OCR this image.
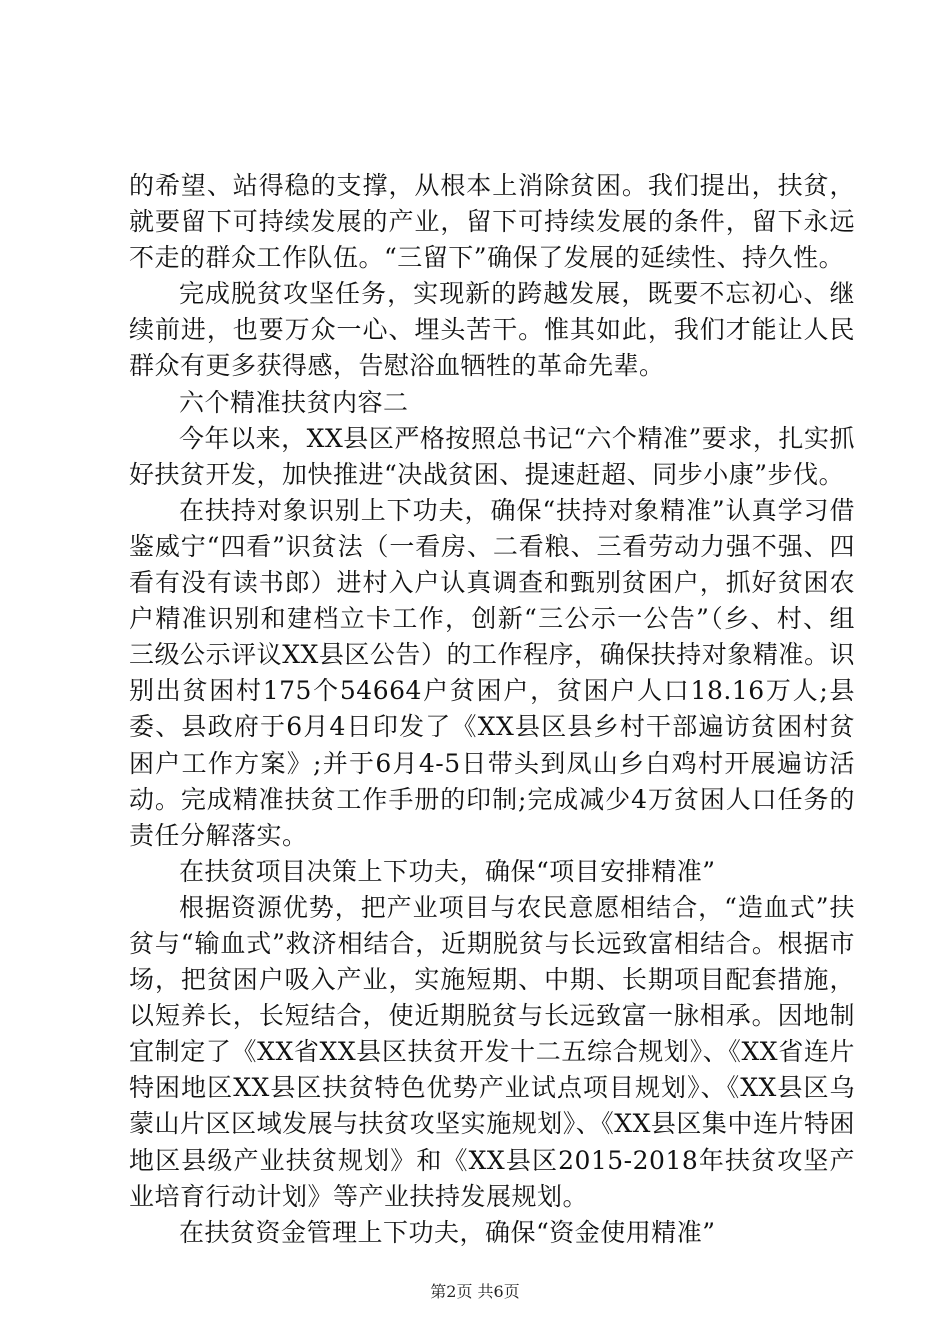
的希望、站得稳的支撑，从根本上消除贫困。我们提出，扶贫，就要留下可持续发展的产业，留下可持续发展的条件，留下永远不走的群众工作队伍。“三留下”确保了发展的延续性、持久性。

完成脱贫攻坚任务，实现新的跨越发展，既要不忘初心、继续前进，也要万众一心、埋头苦干。惟其如此，我们才能让人民群众有更多获得感，告慰浴血牺牲的革命先辈。

六个精准扶贫内容二

今年以来，XX县区严格按照总书记“六个精准”要求，扎实抓好扶贫开发，加快推进“决战贫困、提速赶超、同步小康”步伐。

在扶持对象识别上下功夫，确保“扶持对象精准”认真学习借鉴威宁“四看”识贫法（一看房、二看粮、三看劳动力强不强、四看有没有读书郎）进村入户认真调查和甄别贫困户，抓好贫困农户精准识别和建档立卡工作，创新“三公示一公告”（乡、村、组三级公示评议XX县区公告）的工作程序，确保扶持对象精准。识别出贫困村175个54664户贫困户，贫困户人口18.16万人;县委、县政府于6月4日印发了《XX县区县乡村干部遍访贫困村贫困户工作方案》;并于6月4-5日带头到凤山乡白鸡村开展遍访活动。完成精准扶贫工作手册的印制;完成减少4万贫困人口任务的责任分解落实。

在扶贫项目决策上下功夫，确保“项目安排精准”

根据资源优势，把产业项目与农民意愿相结合，“造血式”扶贫与“输血式”救济相结合，近期脱贫与长远致富相结合。根据市场，把贫困户吸入产业，实施短期、中期、长期项目配套措施，以短养长，长短结合，使近期脱贫与长远致富一脉相承。因地制宜制定了《XX省XX县区扶贫开发十二五综合规划》、《XX省连片特困地区XX县区扶贫特色优势产业试点项目规划》、《XX县区乌蒙山片区区域发展与扶贫攻坚实施规划》、《XX县区集中连片特困地区县级产业扶贫规划》和《XX县区2015-2018年扶贫攻坚产业培育行动计划》等产业扶持发展规划。

在扶贫资金管理上下功夫，确保“资金使用精准”

第2页 共6页
